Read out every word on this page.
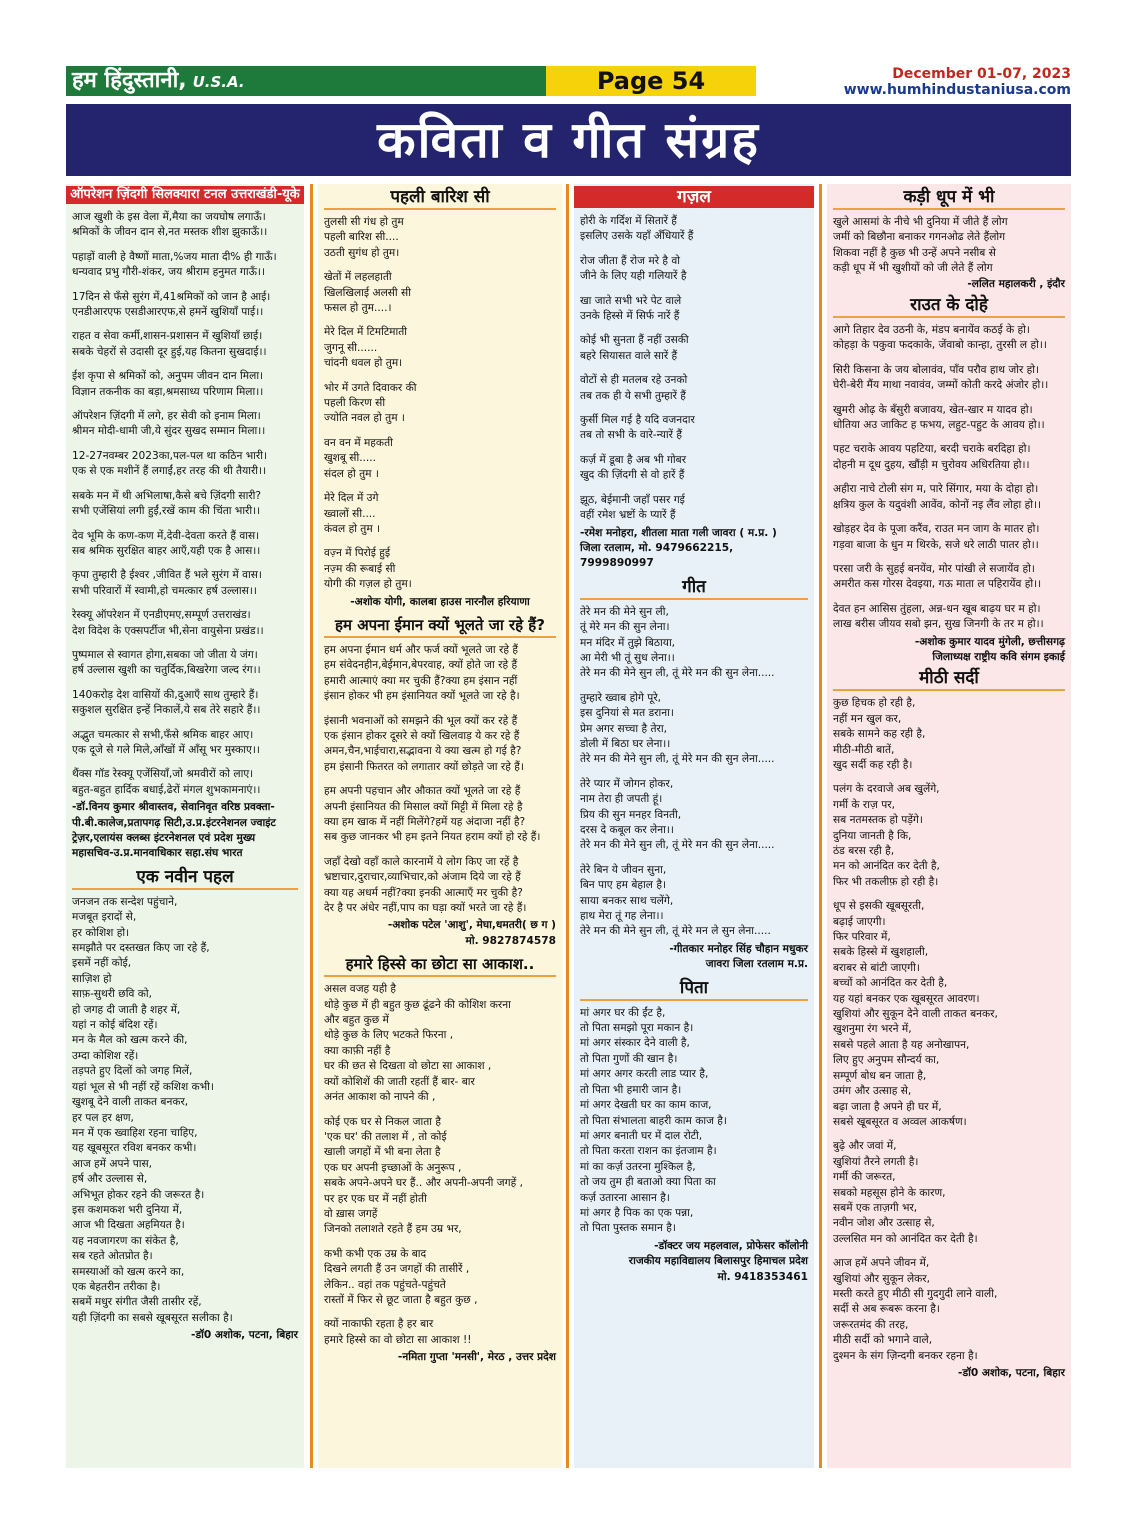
हम हिंदुस्तानी, U.S.A.	Page 54	December 01-07, 2023
www.humhindustaniusa.com
कविता व गीत संग्रह
ऑपरेशन ज़िंदगी सिलक्यारा टनल उत्तराखंडी-यूके
आज खुशी के इस वेला में,मैया का जयघोष लगाऊँ।
श्रमिकों के जीवन दान से,नत मस्तक शीश झुकाऊँ।।
पहाड़ों वाली हे वैष्णों माता,%जय माता दी% ही गाऊँ।
धन्यवाद प्रभु गौरी-शंकर, जय श्रीराम हनुमत गाऊँ।।
17दिन से फँसे सुरंग में,41श्रमिकों को जान है आई।
एनडीआरएफ एसडीआरएफ,से हमनें खुशियाँ पाई।।
राहत व सेवा कर्मी,शासन-प्रशासन में खुशियाँ छाई।
सबके चेहरों से उदासी दूर हुई,यह कितना सुखदाई।।
ईश कृपा से श्रमिकों को, अनुपम जीवन दान मिला।
विज्ञान तकनीक का बड़ा,श्रमसाध्य परिणाम मिला।।
ऑपरेशन ज़िंदगी में लगे, हर सेवी को इनाम मिला।
श्रीमन मोदी-धामी जी,ये सुंदर सुखद सम्मान मिला।।
12-27नवम्बर 2023का,पल-पल था कठिन भारी।
एक से एक मशीनें हैं लगाईं,हर तरह की थी तैयारी।।
सबके मन में थी अभिलाषा,कैसे बचे ज़िंदगी सारी?
सभी एजेंसियां लगी हुईं,रखें काम की चिंता भारी।।
देव भूमि के कण-कण में,देवी-देवता करते हैं वास।
सब श्रमिक सुरक्षित बाहर आएँ,यही एक है आस।।
कृपा तुम्हारी है ईश्वर ,जीवित हैं भले सुरंग में वास।
सभी परिवारों में स्वामी,हो चमत्कार हर्ष उल्लास।।
रेस्क्यू ऑपरेशन में एनडीएमए,सम्पूर्ण उत्तराखंड।
देश विदेश के एक्सपर्टीज भी,सेना वायुसेना प्रखंड।।
पुष्पमाल से स्वागत होगा,सबका जो जीता ये जंग।
हर्ष उल्लास खुशी का चतुर्दिक,बिखरेगा जल्द रंग।।
140करोड़ देश वासियों की,दुआएँ साथ तुम्हारे हैं।
सकुशल सुरक्षित इन्हें निकालें,ये सब तेरे सहारे हैं।।
अद्भुत चमत्कार से सभी,फँसे श्रमिक बाहर आए।
एक दूजे से गले मिले,आँखों में आँसू भर मुस्काए।।
थैंक्स गॉड रेस्क्यू एजेंसियाँ,जो श्रमवीरों को लाए।
बहुत-बहुत हार्दिक बधाई,ढेरों मंगल शुभकामनाएं।।
-डॉ.विनय कुमार श्रीवास्तव, सेवानिवृत वरिष्ठ प्रवक्ता-पी.बी.कालेज,प्रतापगढ़ सिटी,उ.प्र.इंटरनेशनल ज्वाइंट ट्रेज़र,एलायंस क्लब्स इंटरनेशनल एवं प्रदेश मुख्य महासचिव-उ.प्र.मानवाधिकार सहा.संघ भारत
एक नवीन पहल
जनजन तक सन्देश पहुंचाने,
मजबूत इरादों से,
हर कोशिश हो।
समझौते पर दस्तखत किए जा रहे हैं,
इसमें नहीं कोई,
साज़िश हो
साफ़-सुथरी छवि को,
हो जगह दी जाती है शहर में,
यहां न कोई बंदिश रहें।
मन के मैल को खत्म करने की,
उम्दा कोशिश रहें।
तड़पते हुए दिलों को जगह मिलें,
यहां भूल से भी नहीं रहें कशिश कभी।
खुशबू देने वाली ताकत बनकर,
हर पल हर क्षण,
मन में एक ख्वाहिश रहना चाहिए,
यह खूबसूरत रविश बनकर कभी।
आज हमें अपने पास,
हर्ष और उल्लास से,
अभिभूत होकर रहने की जरूरत है।
इस कशमकश भरी दुनिया में,
आज भी दिखता अहमियत है।
यह नवजागरण का संकेत है,
सब रहते ओतप्रोत है।
समस्याओं को खत्म करने का,
एक बेहतरीन तरीका है।
सबमें मधुर संगीत जैसी तासीर रहें,
यही ज़िंदगी का सबसे खूबसूरत सलीका है।
-डॉ0 अशोक, पटना, बिहार
पहली बारिश सी
तुलसी सी गंध हो तुम
पहली बारिश सी....
उठती सुगंध हो तुम।
खेतों में लहलहाती
खिलखिलाई अलसी सी
फसल हो तुम....।
मेरे दिल में टिमटिमाती
जुगनू सी......
चांदनी धवल हो तुम।
भोर में उगते दिवाकर की
पहली किरण सी
ज्योति नवल हो तुम ।
वन वन में महकती
खुशबू सी.....
संदल हो तुम ।
मेरे दिल में उगे
ख्वालों सी....
कंवल हो तुम ।
वज़्न में पिरोई हुई
नज़्म की रूबाई सी
योगी की गज़ल हो तुम।
-अशोक योगी, कालबा हाउस नारनौल हरियाणा
हम अपना ईमान क्यों भूलते जा रहे हैं?
हम अपना ईमान धर्म और फर्ज क्यों भूलते जा रहे हैं
हम संवेदनहीन,बेईमान,बेपरवाह, क्यों होते जा रहे हैं
हमारी आत्माएं क्या मर चुकी हैं?क्या हम इंसान नहीं
इंसान होकर भी हम इंसानियत क्यों भूलते जा रहे है।
इंसानी भवनाओं को समझने की भूल क्यों कर रहे हैं
एक इंसान होकर दूसरे से क्यों खिलवाड़ ये कर रहे हैं
अमन,चैन,भाईचारा,सद्भावना ये क्या खत्म हो गई है?
हम इंसानी फितरत को लगातार क्यों छोड़ते जा रहे हैं।
हम अपनी पहचान और औकात क्यों भूलते जा रहे हैं
अपनी इंसानियत की मिसाल क्यों मिट्टी में मिला रहे है
क्या हम खाक में नहीं मिलेंगे?हमें यह अंदाजा नहीं है?
सब कुछ जानकर भी हम इतने नियत हराम क्यों हो रहे हैं।
जहाँ देखो वहाँ काले कारनामें ये लोग किए जा रहें है
भ्रष्टाचार,दुराचार,व्याभिचार,को अंजाम दिये जा रहे हैं
क्या यह अधर्म नहीं?क्या इनकी आत्माएँ मर चुकी है?
देर है पर अंधेर नहीं,पाप का घड़ा क्यों भरते जा रहे हैं।
-अशोक पटेल 'आशु', मेघा,धमतरी( छ ग )
मो. 9827874578
हमारे हिस्से का छोटा सा आकाश..
असल वजह यही है
थोड़े कुछ में ही बहुत कुछ ढूंढने की कोशिश करना
और बहुत कुछ में
थोड़े कुछ के लिए भटकते फिरना ,
क्या काफ़ी नहीं है
घर की छत से दिखता वो छोटा सा आकाश ,
क्यों कोशिशें की जाती रहतीं हैं बार- बार
अनंत आकाश को नापने की ,
कोई एक घर से निकल जाता है
'एक घर' की तलाश में , तो कोई
खाली जगहों में भी बना लेता है
एक घर अपनी इच्छाओं के अनुरूप ,
सबके अपने-अपने घर हैं.. और अपनी-अपनी जगहें ,
पर हर एक घर में नहीं होती
वो ख़ास जगहें
जिनको तलाशते रहते हैं हम उम्र भर,
कभी कभी एक उम्र के बाद
दिखने लगती हैं उन जगहों की तासीरें ,
लेकिन.. वहां तक पहुंचते-पहुंचते
रास्तों में फिर से छूट जाता है बहुत कुछ ,
क्यों नाकाफी रहता है हर बार
हमारे हिस्से का वो छोटा सा आकाश !!
-नमिता गुप्ता 'मनसी', मेरठ , उत्तर प्रदेश
गज़ल
होरी के गर्दिश में सितारें हैं
इसलिए उसके यहाँ अँधियारें हैं
रोज जीता हैं रोज मरे है वो
जीने के लिए यही गलियारें है
खा जाते सभी भरे पेट वाले
उनके हिस्से में सिर्फ नारें हैं
कोई भी सुनता हैं नहीं उसकी
बहरे सियासत वाले सारें हैं
वोटों से ही मतलब रहे उनको
तब तक ही ये सभी तुम्हारें हैं
कुर्सी मिल गई है यदि वजनदार
तब तो सभी के वारे-न्यारें हैं
कर्ज़ में डूबा है अब भी गोबर
खुद की ज़िंदगी से वो हारें हैं
झूठ, बेईमानी जहाँ पसर गई
वहीं रमेश भ्रष्टों के प्यारें हैं
-रमेश मनोहरा, शीतला माता गली जावरा ( म.प्र. )
जिला रतलाम, मो. 9479662215, 7999890997
गीत
तेरे मन की मेने सुन ली,
तूं मेरे मन की सुन लेना।
मन मंदिर में तुझे बिठाया,
आ मेरी भी तूं सुध लेना।।
तेरे मन की मेने सुन ली, तूं मेरे मन की सुन लेना.....
तुम्हारे ख्वाब होगे पूरे,
इस दुनियां से मत डराना।
प्रेम अगर सच्चा है तेरा,
डोली में बिठा घर लेना।।
तेरे मन की मेने सुन ली, तूं मेरे मन की सुन लेना.....
तेरे प्यार में जोगन होकर,
नाम तेरा ही जपती हूं।
प्रिय की सुन मनहर विनती,
दरस दे कबूल कर लेना।।
तेरे मन की मेने सुन ली, तूं मेरे मन की सुन लेना.....
तेरे बिन ये जीवन सुना,
बिन पाए हम बेहाल है।
साया बनकर साथ चलेंगे,
हाथ मेरा तूं गह लेना।।
तेरे मन की मेने सुन ली, तूं मेरे मन ले सुन लेना.....
-गीतकार मनोहर सिंह चौहान मधुकर
जावरा जिला रतलाम म.प्र.
पिता
मां अगर घर की ईंट है,
तो पिता समझो पूरा मकान है।
मां अगर संस्कार देने वाली है,
तो पिता गुणों की खान है।
मां अगर अगर करती लाड प्यार है,
तो पिता भी हमारी जान है।
मां अगर देखती घर का काम काज,
तो पिता संभालता बाहरी काम काज है।
मां अगर बनाती घर में दाल रोटी,
तो पिता करता राशन का इंतजाम है।
मां का कर्ज़ उतरना मुश्किल है,
तो जय तुम ही बताओ क्या पिता का
कर्ज़ उतारना आसान है।
मां अगर है पिक का एक पन्ना,
तो पिता पुस्तक समान है।
-डॉक्टर जय महलवाल, प्रोफेसर कॉलोनी
राजकीय महाविद्यालय बिलासपुर हिमाचल प्रदेश
मो. 9418353461
कड़ी धूप में भी
खुले आसमां के नीचे भी दुनिया में जीते हैं लोग
जमीं को बिछौना बनाकर गगनओढ लेते हैंलोग
शिकवा नहीं है कुछ भी उन्हें अपने नसीब से
कड़ी धूप में भी खुशीयों को जी लेते हैं लोग
-ललित महालकरी , इंदौर
राउत के दोहे
आगे तिहार देव उठनी के, मंडप बनायेंव कठई के हो।
कोहड़ा के पकुवा फदकाके, जेंवाबो कान्हा, तुरसी ल हो।।
सिरी किसना के जय बोलावंव, पाँव परौव हाथ जोर हो।
घेरी-बेरी मैंय माथा नवावंव, जम्मों कोती करदे अंजोर हो।।
खुमरी ओढ़ के बँसुरी बजावय, खेत-खार म यादव हो।
धोतिया अउ जाकिट ह फभय, लहुट-पहुट के आवय हो।।
पहट चराके आवय पहटिया, बरदी चराके बरदिहा हो।
दोहनी म दूध दुहय, खौंड़ी म चुरोवय अधिरतिया हो।।
अहीरा नाचे टोली संग म, पारे सिंगार, मया के दोहा हो।
क्षत्रिय कुल के यदुवंशी आवेंव, कोनों नइ लैंव लोहा हो।।
खोड़हर देव के पूजा करैंव, राउत मन जाग के मातर हो।
गड़वा बाजा के धुन म थिरके, सजे धरे लाठी पातर हो।।
परसा जरी के सुहई बनयेंव, मोर पांखी ले सजायेंव हो।
अमरीत कस गोरस देवइया, गऊ माता ल पहिरायेंव हो।।
देवत हन आसिस तुंहला, अन्न-धन खूब बाढ़य घर म हो।
लाख बरीस जीयव सबो झन, सुख जिनगी के तर म हो।।
-अशोक कुमार यादव मुंगेली, छत्तीसगढ़
जिलाध्यक्ष राष्ट्रीय कवि संगम इकाई
मीठी सर्दी
कुछ हिचक हो रही है,
नहीं मन खुल कर,
सबके सामने कह रही है,
मीठी-मीठी बातें,
खुद सर्दी कह रही है।
पलंग के दरवाजे अब खुलेंगे,
गर्मी के राज़ पर,
सब नतमस्तक हो पड़ेंगे।
दुनिया जानती है कि,
ठंड बरस रही है,
मन को आनंदित कर देती है,
फिर भी तकलीफ़ हो रही है।
धूप से इसकी खूबसूरती,
बढ़ाई जाएगी।
फिर परिवार में,
सबके हिस्से में खुशहाली,
बराबर से बांटी जाएगी।
बच्चों को आनंदित कर देती है,
यह यहां बनकर एक खूबसूरत आवरण।
खुशियां और सुकून देने वाली ताकत बनकर,
खुशनुमा रंग भरने में,
सबसे पहले आता है यह अनोखापन,
लिए हुए अनुपम सौन्दर्य का,
सम्पूर्ण बोध बन जाता है,
उमंग और उत्साह से,
बढ़ा जाता है अपने ही घर में,
सबसे खूबसूरत व अव्वल आकर्षण।
बुढ़े और जवां में,
खुशियां तैरने लगती है।
गर्मी की जरूरत,
सबको महसूस होने के कारण,
सबमें एक ताज़गी भर,
नवीन जोश और उत्साह से,
उल्लसित मन को आनंदित कर देती है।
आज हमें अपने जीवन में,
खुशियां और सुकून लेकर,
मस्ती करते हुए मीठी सी गुदगुदी लाने वाली,
सर्दी से अब रूबरू करना है।
जरूरतमंद की तरह,
मीठी सर्दी को भगाने वाले,
दुश्मन के संग ज़िन्दगी बनकर रहना है।
-डॉ0 अशोक, पटना, बिहार
